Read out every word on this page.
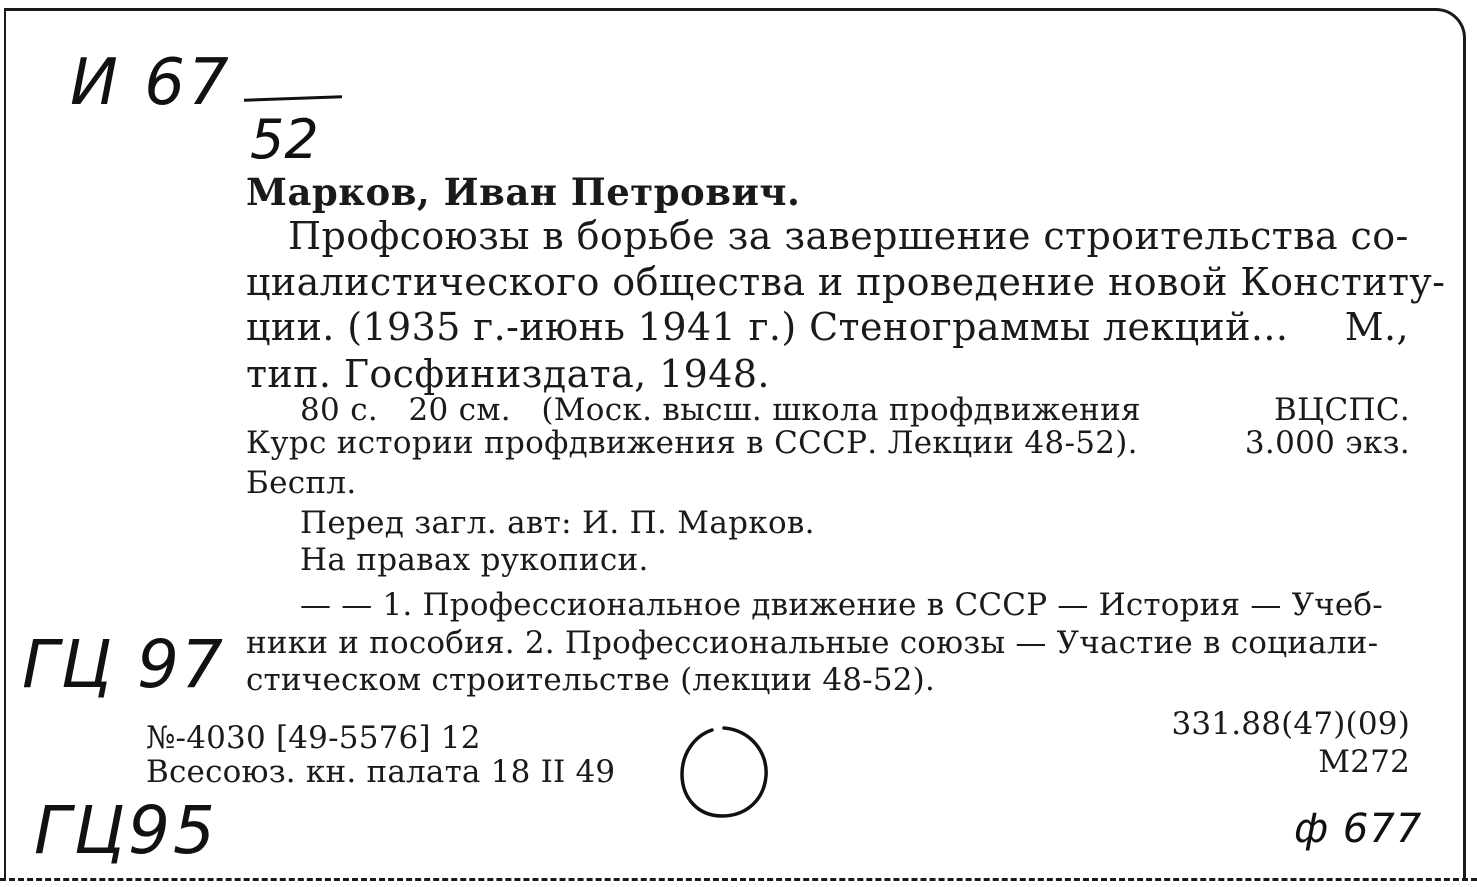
И 67
52
Марков, Иван Петрович.
Профсоюзы в борьбе за завершение строительства со-
циалистического общества и проведение новой Конститу-
ции. (1935 г.-июнь 1941 г.) Стенограммы лекций... М.,
тип. Госфиниздата, 1948.
80 с.   20 см.   (Моск. высш. школа профдвижения	ВЦСПС.
Курс истории профдвижения в СССР. Лекции 48-52).	3.000 экз.
Беспл.
Перед загл. авт: И. П. Марков.
На правах рукописи.
— — 1. Профессиональное движение в СССР — История — Учеб-
ники и пособия. 2. Профессиональные союзы — Участие в социали-
стическом строительстве (лекции 48-52).
ГЦ 97
№-4030 [49-5576] 12
Всесоюз. кн. палата 18 II 49
331.88(47)(09)
М272
ГЦ95	ф 677
